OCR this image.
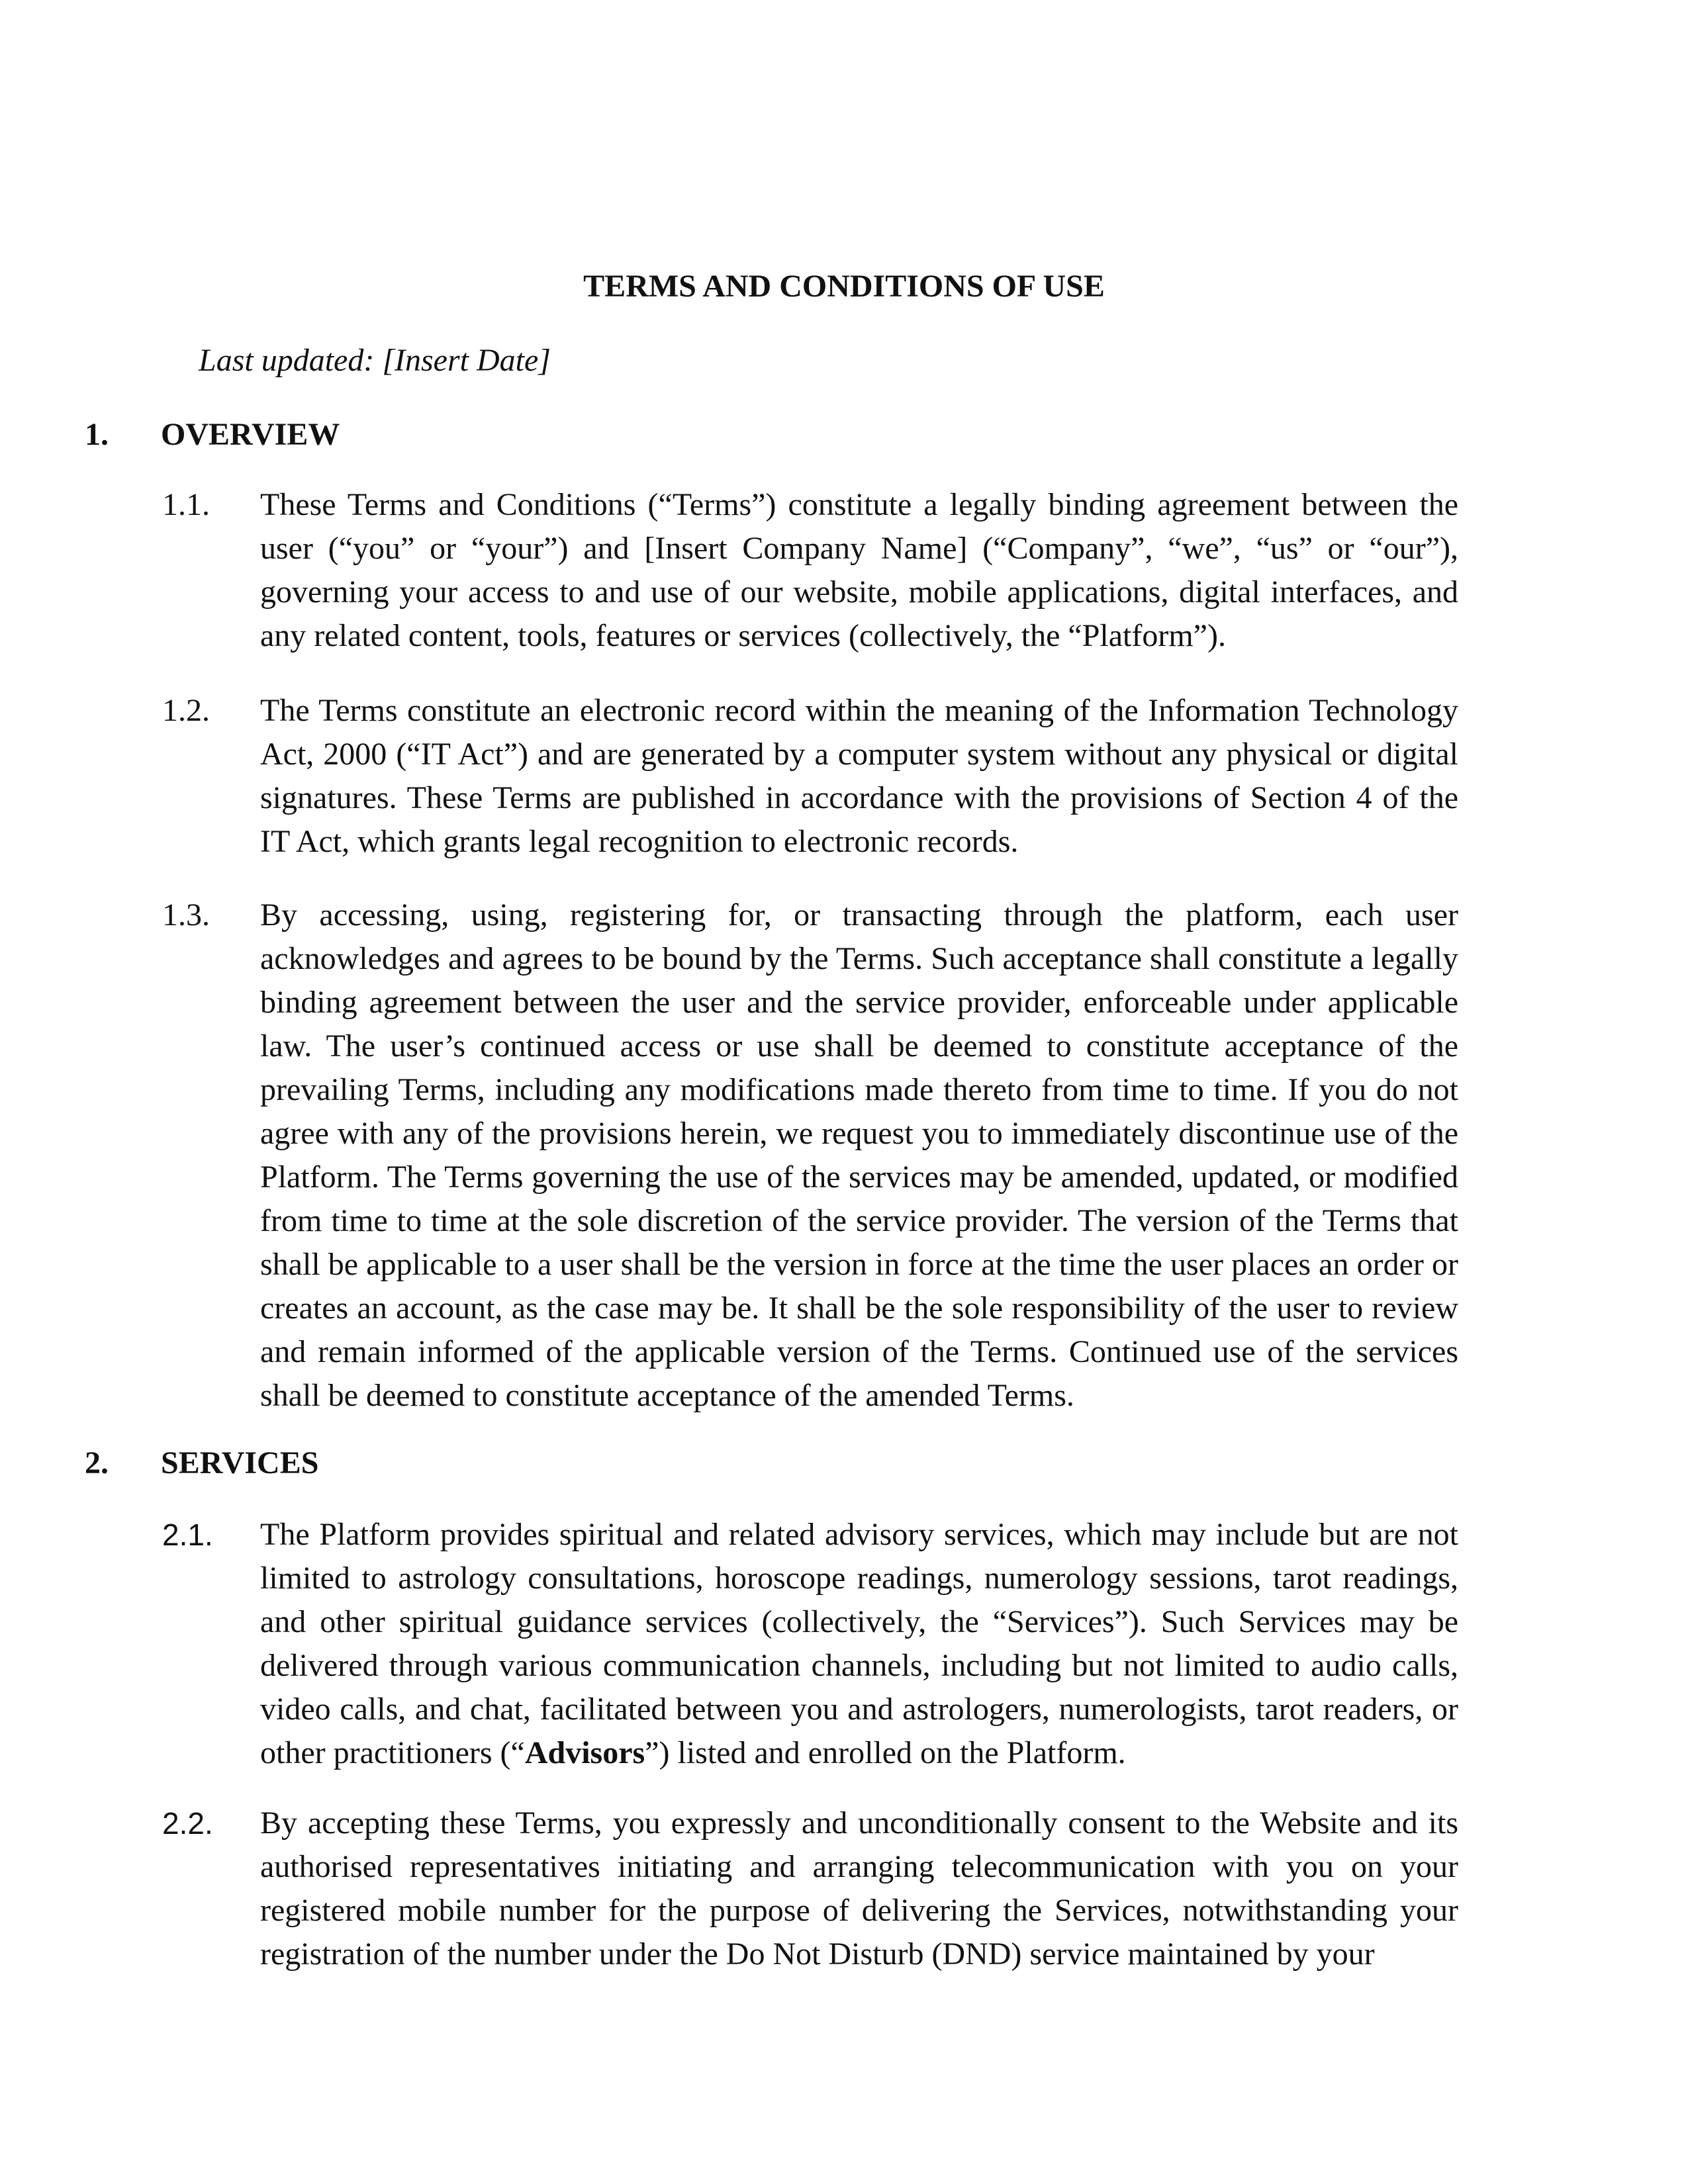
TERMS AND CONDITIONS OF USE
Last updated: [Insert Date]
1. OVERVIEW
1.1. These Terms and Conditions (“Terms”) constitute a legally binding agreement between the user (“you” or “your”) and [Insert Company Name] (“Company”, “we”, “us” or “our”), governing your access to and use of our website, mobile applications, digital interfaces, and any related content, tools, features or services (collectively, the “Platform”).
1.2. The Terms constitute an electronic record within the meaning of the Information Technology Act, 2000 (“IT Act”) and are generated by a computer system without any physical or digital signatures. These Terms are published in accordance with the provisions of Section 4 of the IT Act, which grants legal recognition to electronic records.
1.3. By accessing, using, registering for, or transacting through the platform, each user acknowledges and agrees to be bound by the Terms. Such acceptance shall constitute a legally binding agreement between the user and the service provider, enforceable under applicable law. The user’s continued access or use shall be deemed to constitute acceptance of the prevailing Terms, including any modifications made thereto from time to time. If you do not agree with any of the provisions herein, we request you to immediately discontinue use of the Platform. The Terms governing the use of the services may be amended, updated, or modified from time to time at the sole discretion of the service provider. The version of the Terms that shall be applicable to a user shall be the version in force at the time the user places an order or creates an account, as the case may be. It shall be the sole responsibility of the user to review and remain informed of the applicable version of the Terms. Continued use of the services shall be deemed to constitute acceptance of the amended Terms.
2. SERVICES
2.1. The Platform provides spiritual and related advisory services, which may include but are not limited to astrology consultations, horoscope readings, numerology sessions, tarot readings, and other spiritual guidance services (collectively, the “Services”). Such Services may be delivered through various communication channels, including but not limited to audio calls, video calls, and chat, facilitated between you and astrologers, numerologists, tarot readers, or other practitioners (“Advisors”) listed and enrolled on the Platform.
2.2. By accepting these Terms, you expressly and unconditionally consent to the Website and its authorised representatives initiating and arranging telecommunication with you on your registered mobile number for the purpose of delivering the Services, notwithstanding your registration of the number under the Do Not Disturb (DND) service maintained by your
